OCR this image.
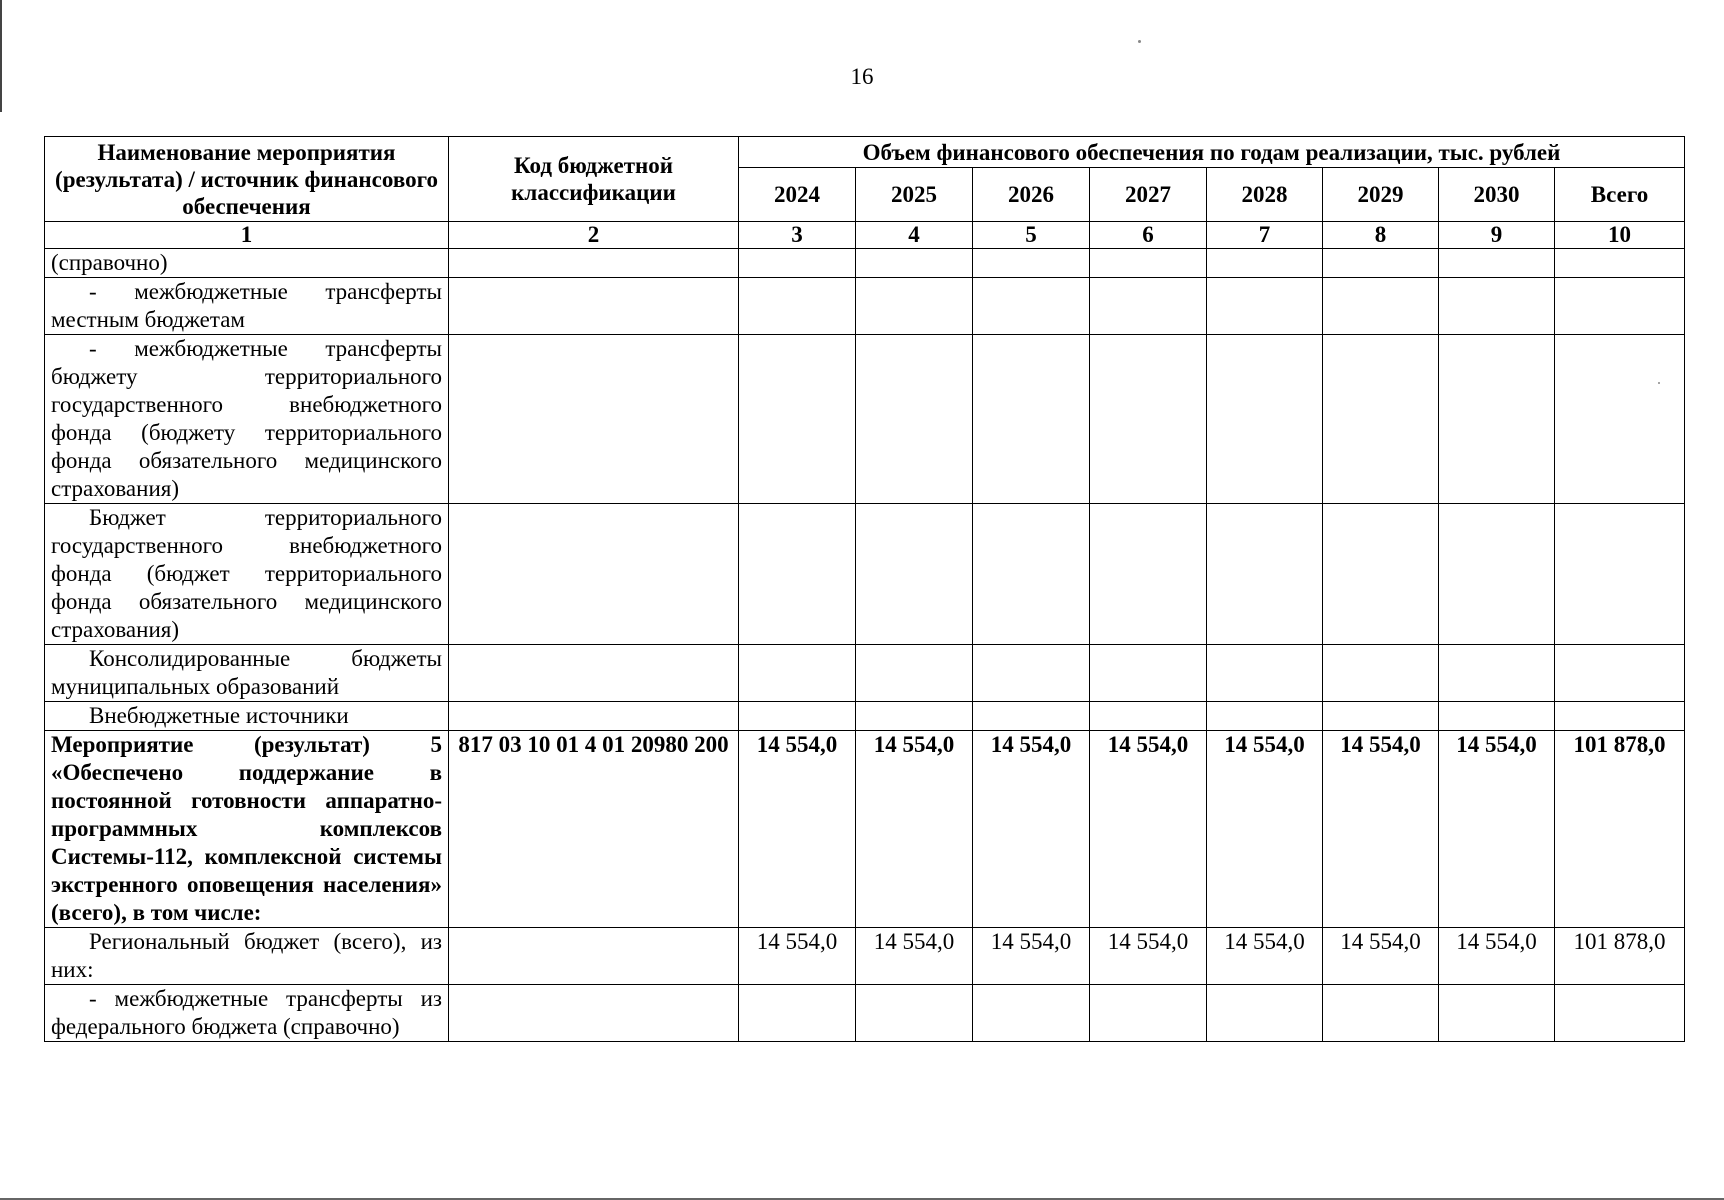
16
Наименование мероприятия (результата) / источник финансового обеспечения	Код бюджетной классификации	Объем финансового обеспечения по годам реализации, тыс. рублей							
		2024	2025	2026	2027	2028	2029	2030	Всего
1	2	3	4	5	6	7	8	9	10
(справочно)									
- межбюджетные трансферты местным бюджетам									
- межбюджетные трансферты бюджету территориального государственного внебюджетного фонда (бюджету территориального фонда обязательного медицинского страхования)									
Бюджет территориального государственного внебюджетного фонда (бюджет территориального фонда обязательного медицинского страхования)									
Консолидированные бюджеты муниципальных образований									
Внебюджетные источники									
Мероприятие (результат) 5 «Обеспечено поддержание в постоянной готовности аппаратно-программных комплексов Системы-112, комплексной системы экстренного оповещения населения» (всего), в том числе:	817 03 10 01 4 01 20980 200	14 554,0	14 554,0	14 554,0	14 554,0	14 554,0	14 554,0	14 554,0	101 878,0
Региональный бюджет (всего), из них:		14 554,0	14 554,0	14 554,0	14 554,0	14 554,0	14 554,0	14 554,0	101 878,0
- межбюджетные трансферты из федерального бюджета (справочно)									
